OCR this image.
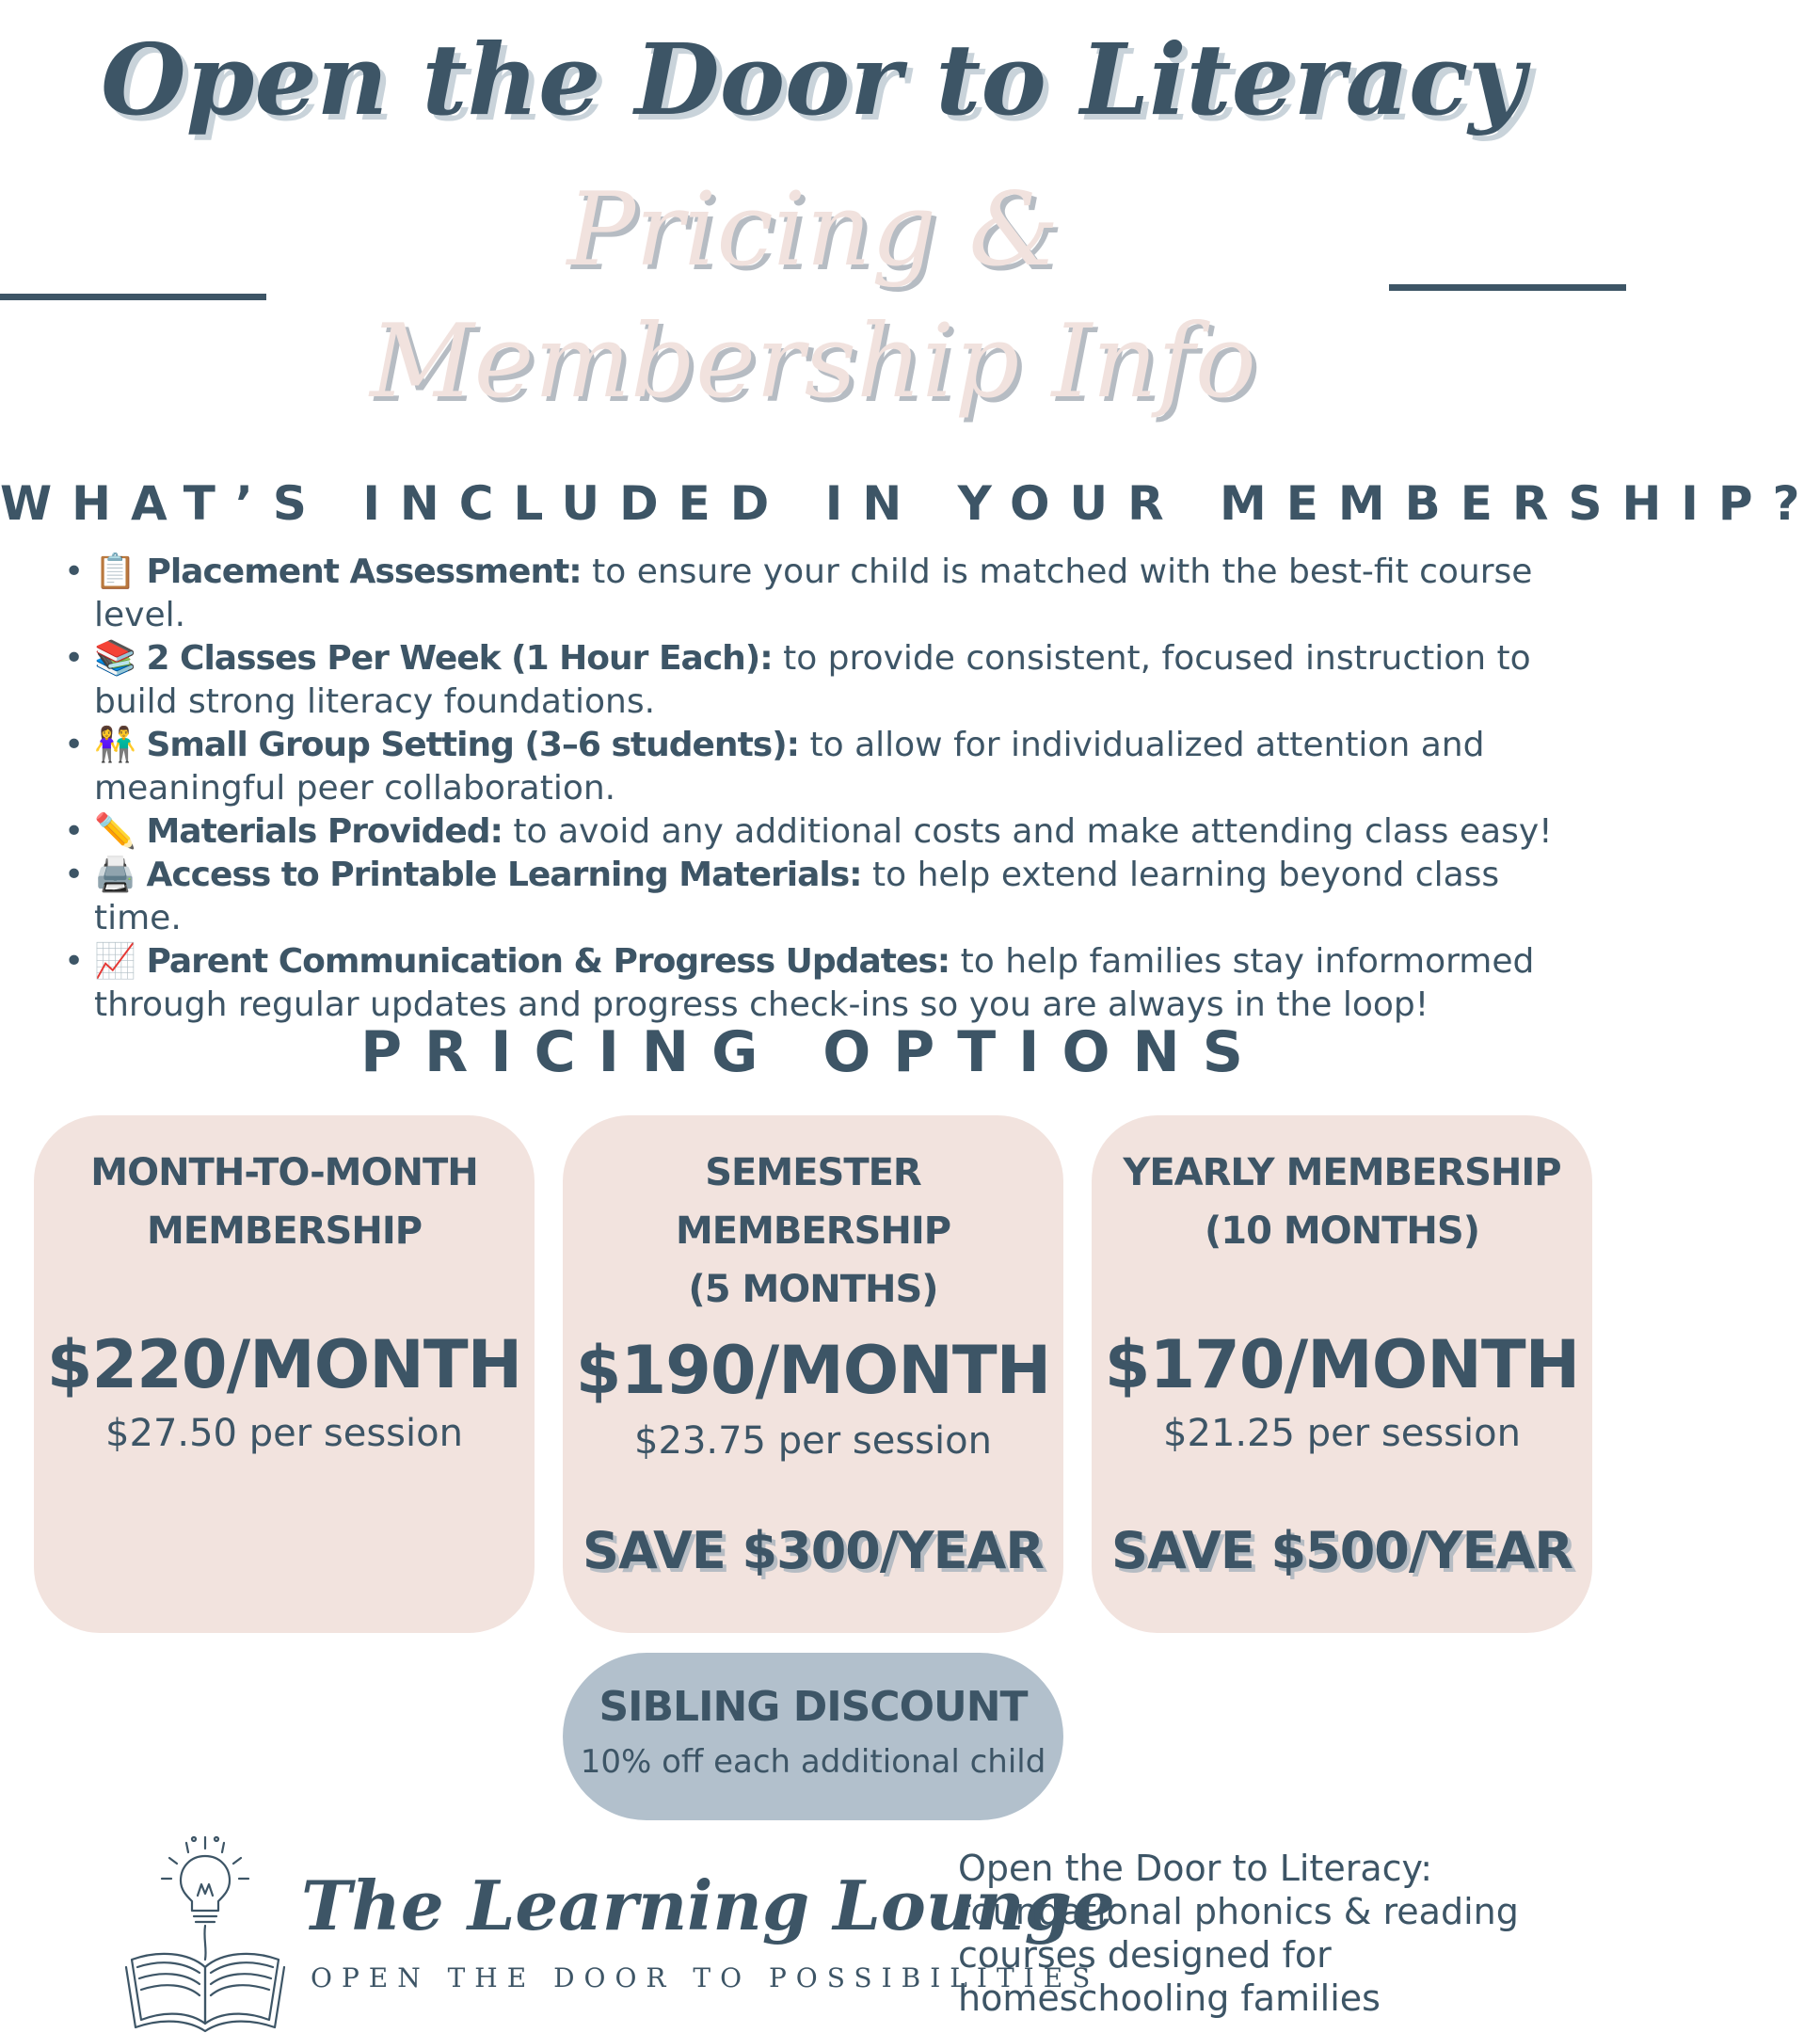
Open the Door to Literacy
Pricing &
Membership Info
WHAT’S INCLUDED IN YOUR MEMBERSHIP?
• 📋 Placement Assessment: to ensure your child is matched with the best-fit course level.
• 📚 2 Classes Per Week (1 Hour Each): to provide consistent, focused instruction to build strong literacy foundations.
• 👫 Small Group Setting (3–6 students): to allow for individualized attention and meaningful peer collaboration.
• ✏️ Materials Provided: to avoid any additional costs and make attending class easy!
• 🖨️ Access to Printable Learning Materials: to help extend learning beyond class time.
• 📈 Parent Communication & Progress Updates: to help families stay informormed through regular updates and progress check-ins so you are always in the loop!
PRICING OPTIONS
MONTH-TO-MONTH
MEMBERSHIP
$220/MONTH
$27.50 per session
SEMESTER MEMBERSHIP
(5 MONTHS)
$190/MONTH
$23.75 per session
SAVE $300/YEAR
YEARLY MEMBERSHIP
(10 MONTHS)
$170/MONTH
$21.25 per session
SAVE $500/YEAR
SIBLING DISCOUNT
10% off each additional child
The Learning Lounge
OPEN THE DOOR TO POSSIBILITIES
Open the Door to Literacy: foundational phonics & reading courses designed for homeschooling families
